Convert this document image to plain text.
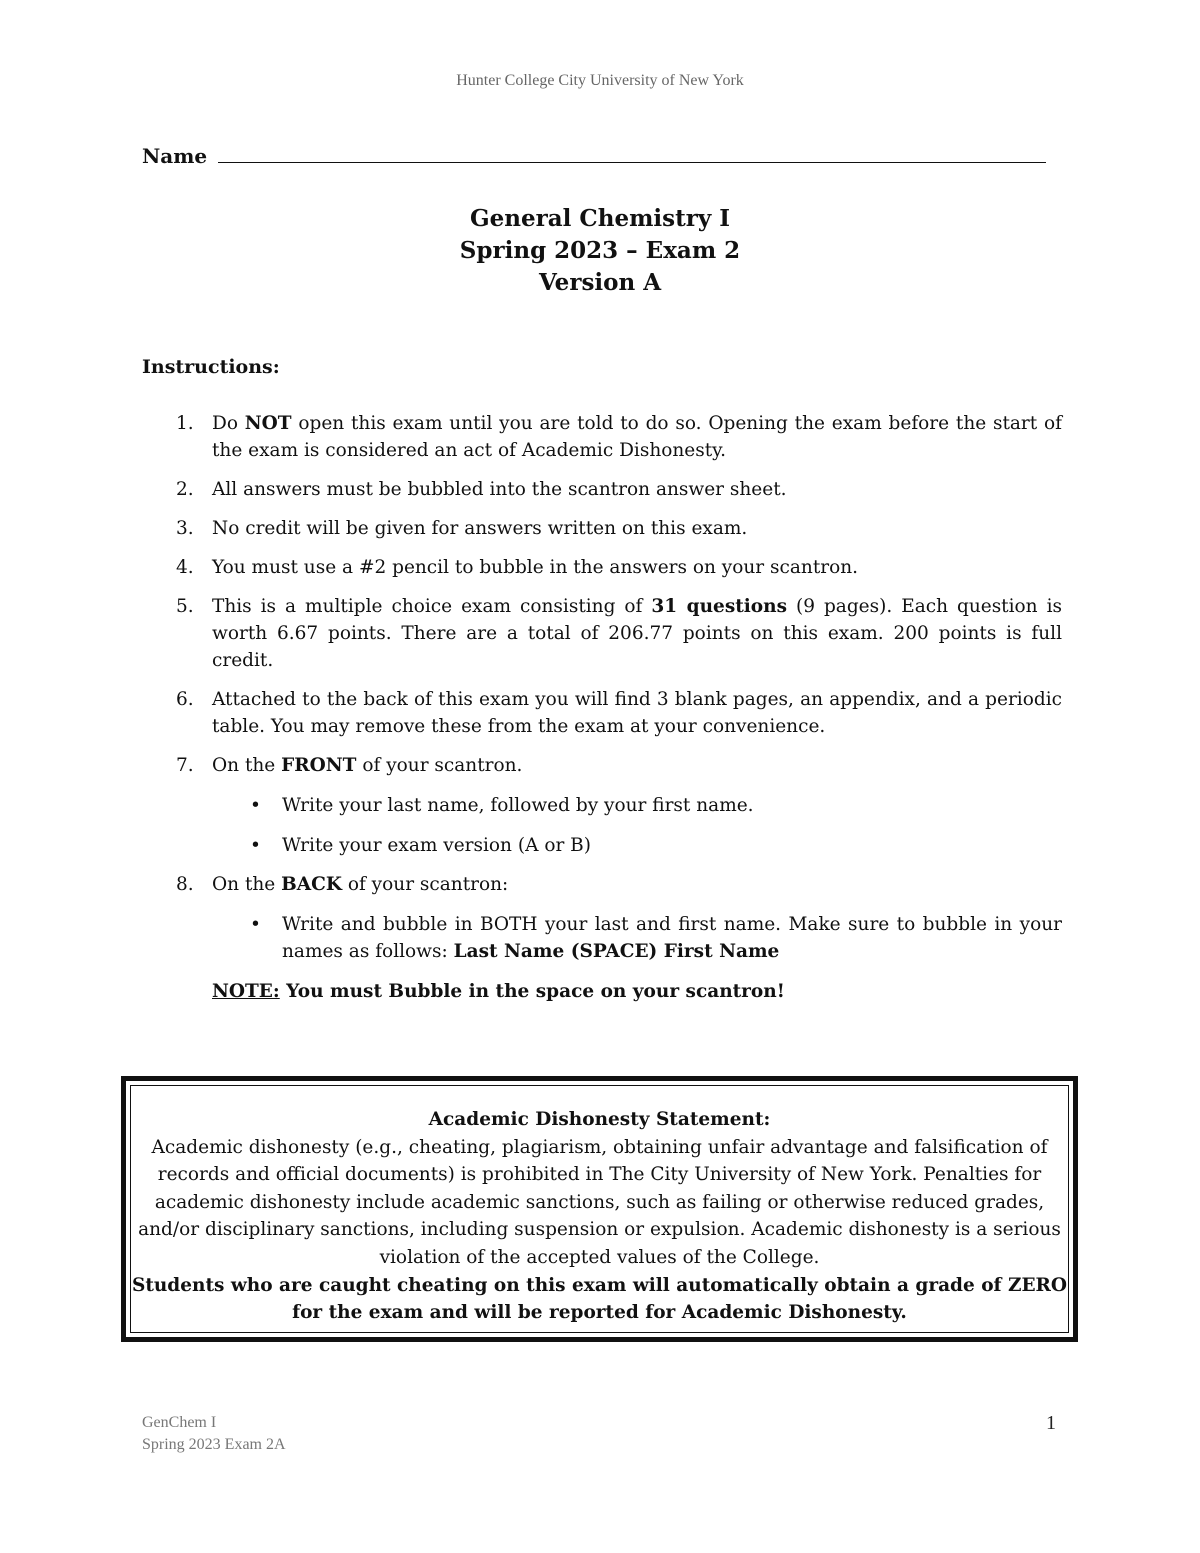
Hunter College City University of New York
Name
General Chemistry I
Spring 2023 – Exam 2
Version A
Instructions:
1. Do NOT open this exam until you are told to do so. Opening the exam before the start of the exam is considered an act of Academic Dishonesty.
2. All answers must be bubbled into the scantron answer sheet.
3. No credit will be given for answers written on this exam.
4. You must use a #2 pencil to bubble in the answers on your scantron.
5. This is a multiple choice exam consisting of 31 questions (9 pages). Each question is worth 6.67 points. There are a total of 206.77 points on this exam. 200 points is full credit.
6. Attached to the back of this exam you will find 3 blank pages, an appendix, and a periodic table. You may remove these from the exam at your convenience.
7. On the FRONT of your scantron.
• Write your last name, followed by your first name.
• Write your exam version (A or B)
8. On the BACK of your scantron:
• Write and bubble in BOTH your last and first name. Make sure to bubble in your names as follows: Last Name (SPACE) First Name
NOTE: You must Bubble in the space on your scantron!
Academic Dishonesty Statement:
Academic dishonesty (e.g., cheating, plagiarism, obtaining unfair advantage and falsification of records and official documents) is prohibited in The City University of New York. Penalties for academic dishonesty include academic sanctions, such as failing or otherwise reduced grades, and/or disciplinary sanctions, including suspension or expulsion. Academic dishonesty is a serious violation of the accepted values of the College.
Students who are caught cheating on this exam will automatically obtain a grade of ZERO for the exam and will be reported for Academic Dishonesty.
GenChem I
Spring 2023 Exam 2A
1
